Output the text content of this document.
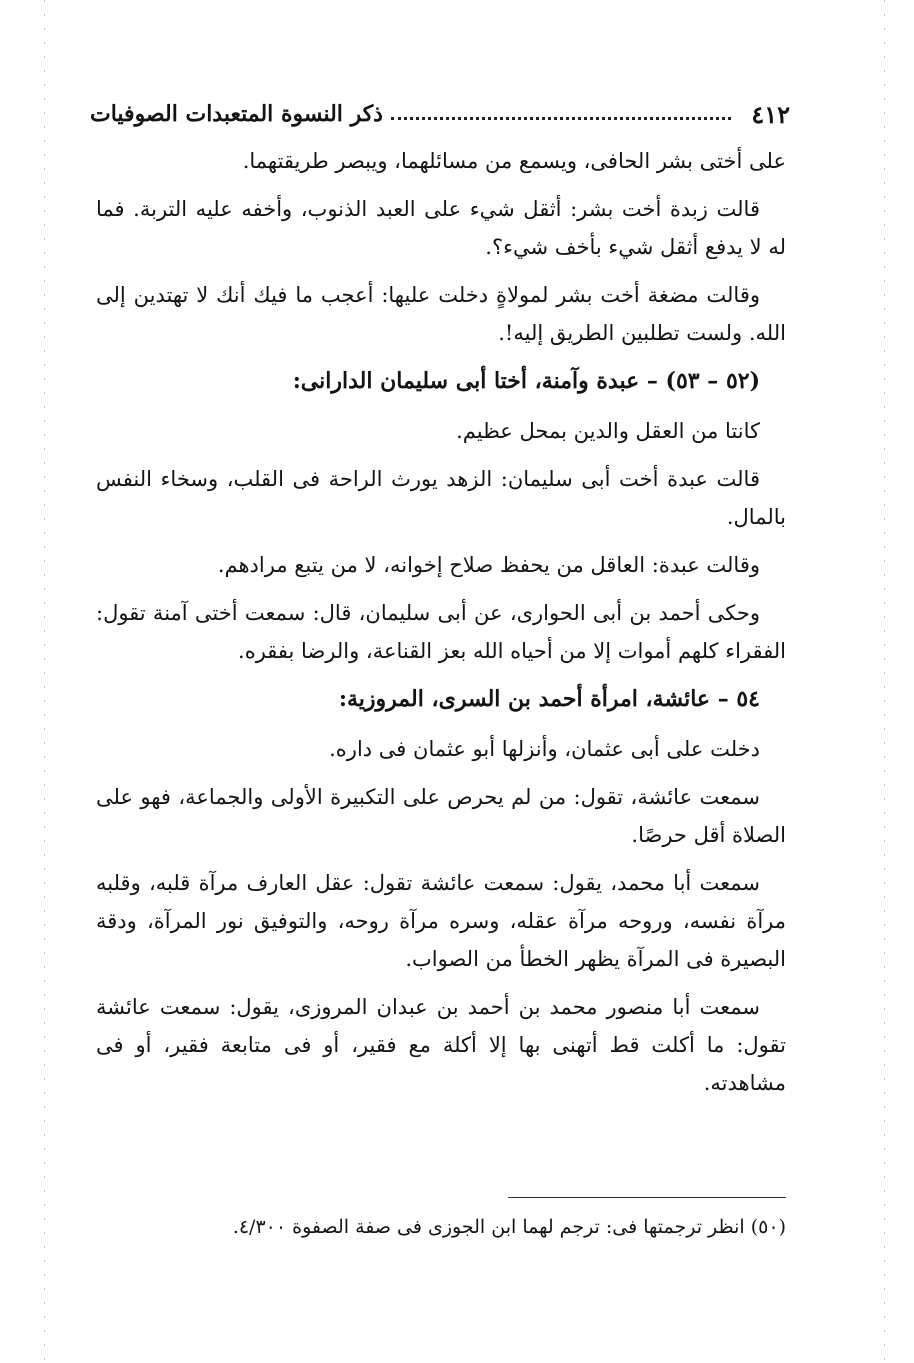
٤١٢
ذكر النسوة المتعبدات الصوفيات

على أختى بشر الحافى، ويسمع من مسائلهما، ويبصر طريقتهما.

قالت زبدة أخت بشر: أثقل شيء على العبد الذنوب، وأخفه عليه التربة. فما له لا يدفع أثقل شيء بأخف شيء؟.

وقالت مضغة أخت بشر لمولاةٍ دخلت عليها: أعجب ما فيك أنك لا تهتدين إلى الله. ولست تطلبين الطريق إليه!.

(٥٢ – ٥٣) – عبدة وآمنة، أختا أبى سليمان الدارانى:

كانتا من العقل والدين بمحل عظيم.

قالت عبدة أخت أبى سليمان: الزهد يورث الراحة فى القلب، وسخاء النفس بالمال.

وقالت عبدة: العاقل من يحفظ صلاح إخوانه، لا من يتبع مرادهم.

وحكى أحمد بن أبى الحوارى، عن أبى سليمان، قال: سمعت أختى آمنة تقول: الفقراء كلهم أموات إلا من أحياه الله بعز القناعة، والرضا بفقره.

٥٤ – عائشة، امرأة أحمد بن السرى، المروزية:

دخلت على أبى عثمان، وأنزلها أبو عثمان فى داره.

سمعت عائشة، تقول: من لم يحرص على التكبيرة الأولى والجماعة، فهو على الصلاة أقل حرصًا.

سمعت أبا محمد، يقول: سمعت عائشة تقول: عقل العارف مرآة قلبه، وقلبه مرآة نفسه، وروحه مرآة عقله، وسره مرآة روحه، والتوفيق نور المرآة، ودقة البصيرة فى المرآة يظهر الخطأ من الصواب.

سمعت أبا منصور محمد بن أحمد بن عبدان المروزى، يقول: سمعت عائشة تقول: ما أكلت قط أتهنى بها إلا أكلة مع فقير، أو فى متابعة فقير، أو فى مشاهدته.

(٥٠) انظر ترجمتها فى: ترجم لهما ابن الجوزى فى صفة الصفوة ٤/٣٠٠.
